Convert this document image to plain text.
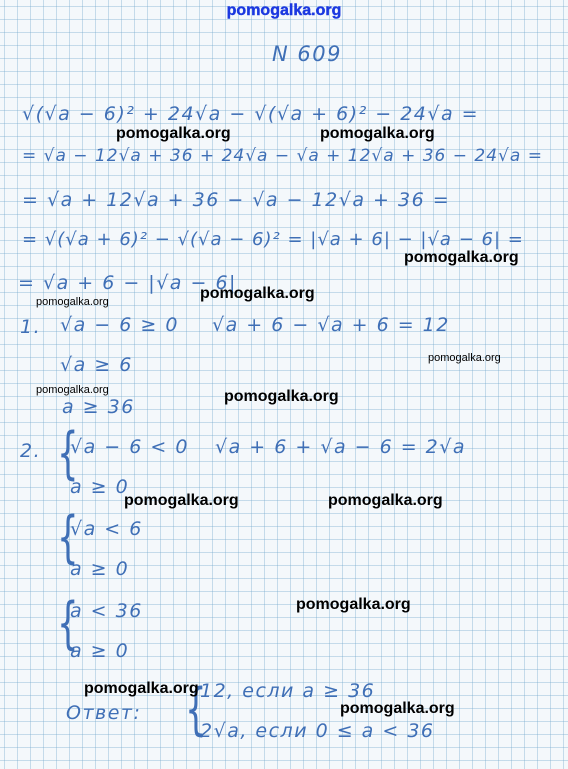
pomogalka.org
N 609
√(√a − 6)² + 24√a − √(√a + 6)² − 24√a =
= √a − 12√a + 36 + 24√a − √a + 12√a + 36 − 24√a =
= √a + 12√a + 36 − √a − 12√a + 36 =
= √(√a + 6)² − √(√a − 6)² = |√a + 6| − |√a − 6| =
= √a + 6 − |√a − 6|
1. √a − 6 ≥ 0 √a + 6 − √a + 6 = 12
√a ≥ 6
a ≥ 36
2. {
√a − 6 < 0
a ≥ 0
√a + 6 + √a − 6 = 2√a
{
√a < 6
a ≥ 0
{
a < 36
a ≥ 0
Ответ: {
12, если a ≥ 36
2√a, если 0 ≤ a < 36
pomogalka.org	pomogalka.org
pomogalka.org
pomogalka.org	pomogalka.org
pomogalka.org
pomogalka.org	pomogalka.org
pomogalka.org	pomogalka.org
pomogalka.org
pomogalka.org
pomogalka.org
